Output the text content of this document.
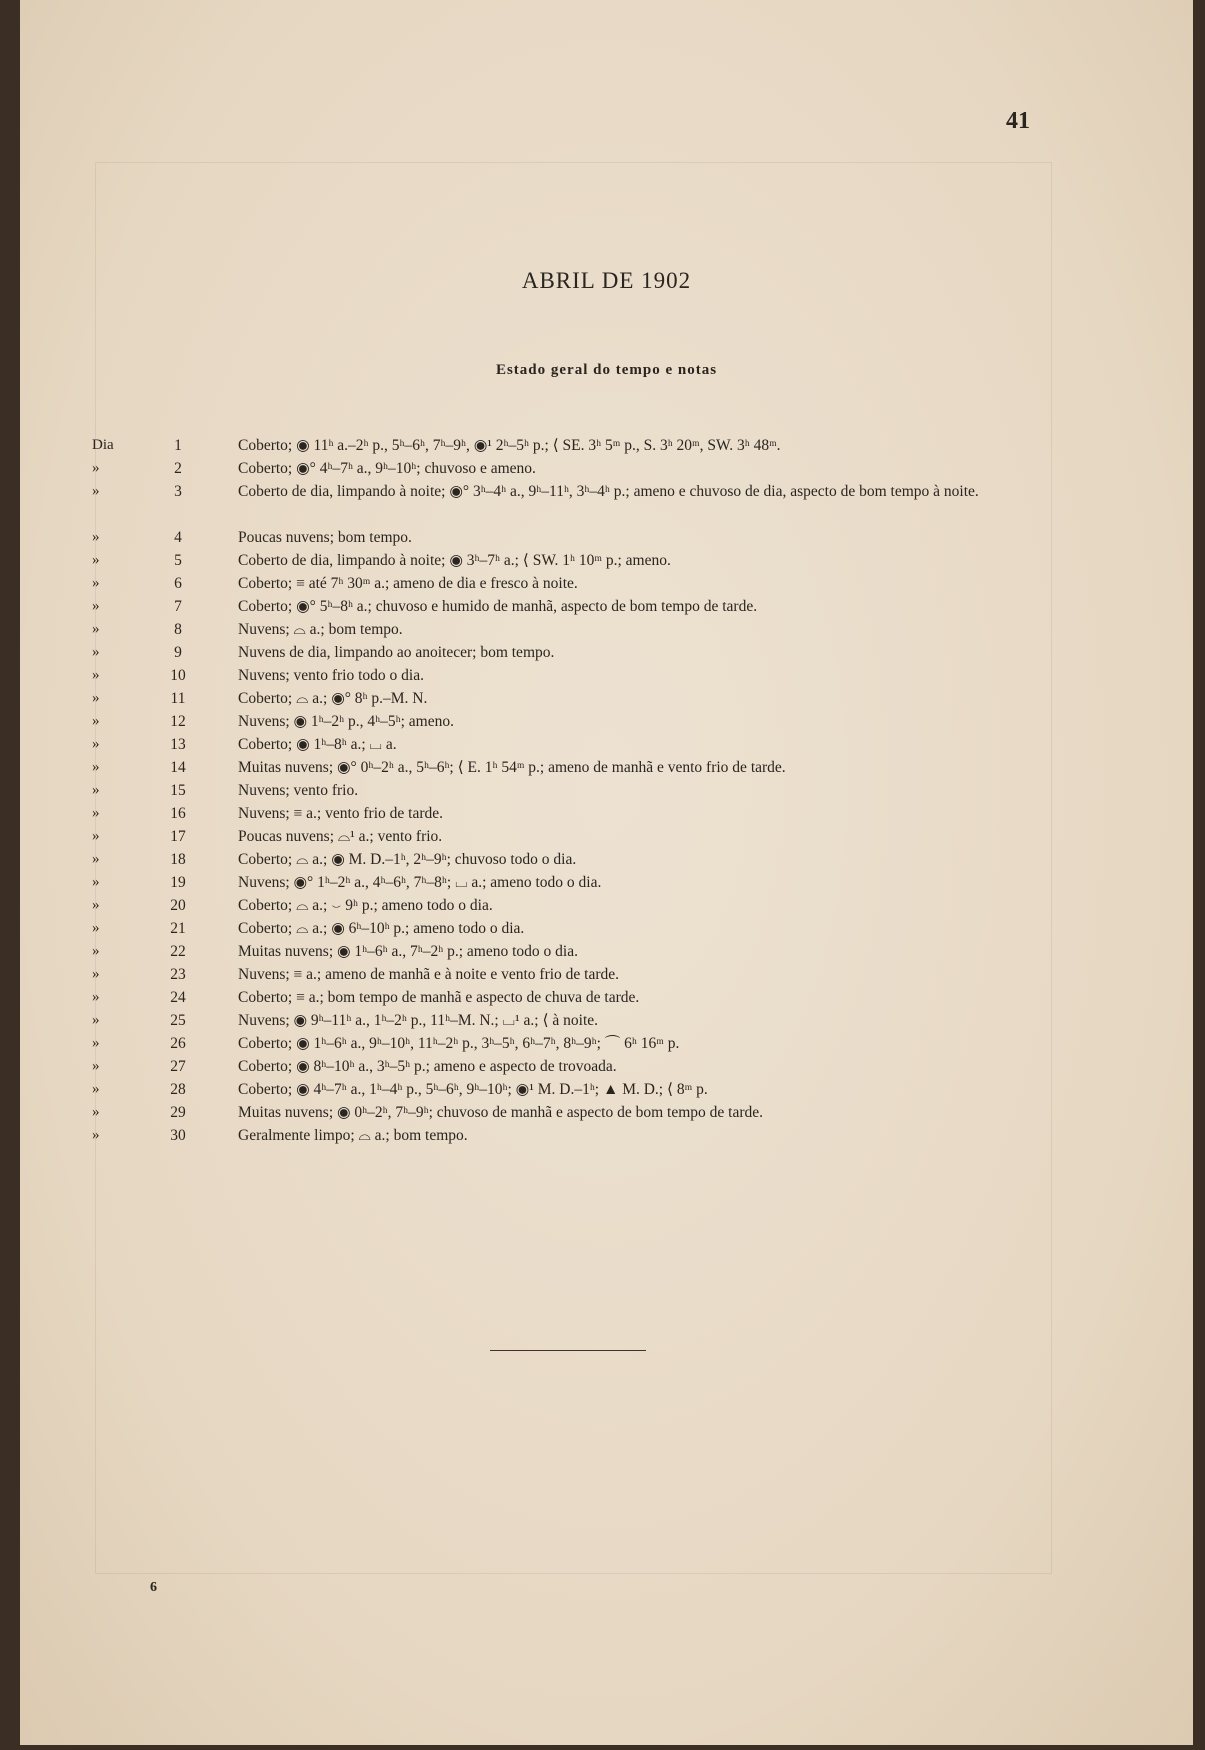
41
ABRIL DE 1902
Estado geral do tempo e notas
Dia	1	Coberto; ◉ 11ʰ a.–2ʰ p., 5ʰ–6ʰ, 7ʰ–9ʰ, ◉¹ 2ʰ–5ʰ p.; ⟨ SE. 3ʰ 5ᵐ p., S. 3ʰ 20ᵐ, SW. 3ʰ 48ᵐ.
»	2	Coberto; ◉° 4ʰ–7ʰ a., 9ʰ–10ʰ; chuvoso e ameno.
»	3	Coberto de dia, limpando à noite; ◉° 3ʰ–4ʰ a., 9ʰ–11ʰ, 3ʰ–4ʰ p.; ameno e chuvoso de dia, aspecto de bom tempo à noite.
»	4	Poucas nuvens; bom tempo.
»	5	Coberto de dia, limpando à noite; ◉ 3ʰ–7ʰ a.; ⟨ SW. 1ʰ 10ᵐ p.; ameno.
»	6	Coberto; ≡ até 7ʰ 30ᵐ a.; ameno de dia e fresco à noite.
»	7	Coberto; ◉° 5ʰ–8ʰ a.; chuvoso e humido de manhã, aspecto de bom tempo de tarde.
»	8	Nuvens; ⌓ a.; bom tempo.
»	9	Nuvens de dia, limpando ao anoitecer; bom tempo.
»	10	Nuvens; vento frio todo o dia.
»	11	Coberto; ⌓ a.; ◉° 8ʰ p.–M. N.
»	12	Nuvens; ◉ 1ʰ–2ʰ p., 4ʰ–5ʰ; ameno.
»	13	Coberto; ◉ 1ʰ–8ʰ a.; ⌴ a.
»	14	Muitas nuvens; ◉° 0ʰ–2ʰ a., 5ʰ–6ʰ; ⟨ E. 1ʰ 54ᵐ p.; ameno de manhã e vento frio de tarde.
»	15	Nuvens; vento frio.
»	16	Nuvens; ≡ a.; vento frio de tarde.
»	17	Poucas nuvens; ⌓¹ a.; vento frio.
»	18	Coberto; ⌓ a.; ◉ M. D.–1ʰ, 2ʰ–9ʰ; chuvoso todo o dia.
»	19	Nuvens; ◉° 1ʰ–2ʰ a., 4ʰ–6ʰ, 7ʰ–8ʰ; ⌴ a.; ameno todo o dia.
»	20	Coberto; ⌓ a.; ⌣ 9ʰ p.; ameno todo o dia.
»	21	Coberto; ⌓ a.; ◉ 6ʰ–10ʰ p.; ameno todo o dia.
»	22	Muitas nuvens; ◉ 1ʰ–6ʰ a., 7ʰ–2ʰ p.; ameno todo o dia.
»	23	Nuvens; ≡ a.; ameno de manhã e à noite e vento frio de tarde.
»	24	Coberto; ≡ a.; bom tempo de manhã e aspecto de chuva de tarde.
»	25	Nuvens; ◉ 9ʰ–11ʰ a., 1ʰ–2ʰ p., 11ʰ–M. N.; ⌴¹ a.; ⟨ à noite.
»	26	Coberto; ◉ 1ʰ–6ʰ a., 9ʰ–10ʰ, 11ʰ–2ʰ p., 3ʰ–5ʰ, 6ʰ–7ʰ, 8ʰ–9ʰ; ⌒ 6ʰ 16ᵐ p.
»	27	Coberto; ◉ 8ʰ–10ʰ a., 3ʰ–5ʰ p.; ameno e aspecto de trovoada.
»	28	Coberto; ◉ 4ʰ–7ʰ a., 1ʰ–4ʰ p., 5ʰ–6ʰ, 9ʰ–10ʰ; ◉¹ M. D.–1ʰ; ▲ M. D.; ⟨ 8ᵐ p.
»	29	Muitas nuvens; ◉ 0ʰ–2ʰ, 7ʰ–9ʰ; chuvoso de manhã e aspecto de bom tempo de tarde.
»	30	Geralmente limpo; ⌓ a.; bom tempo.
6
